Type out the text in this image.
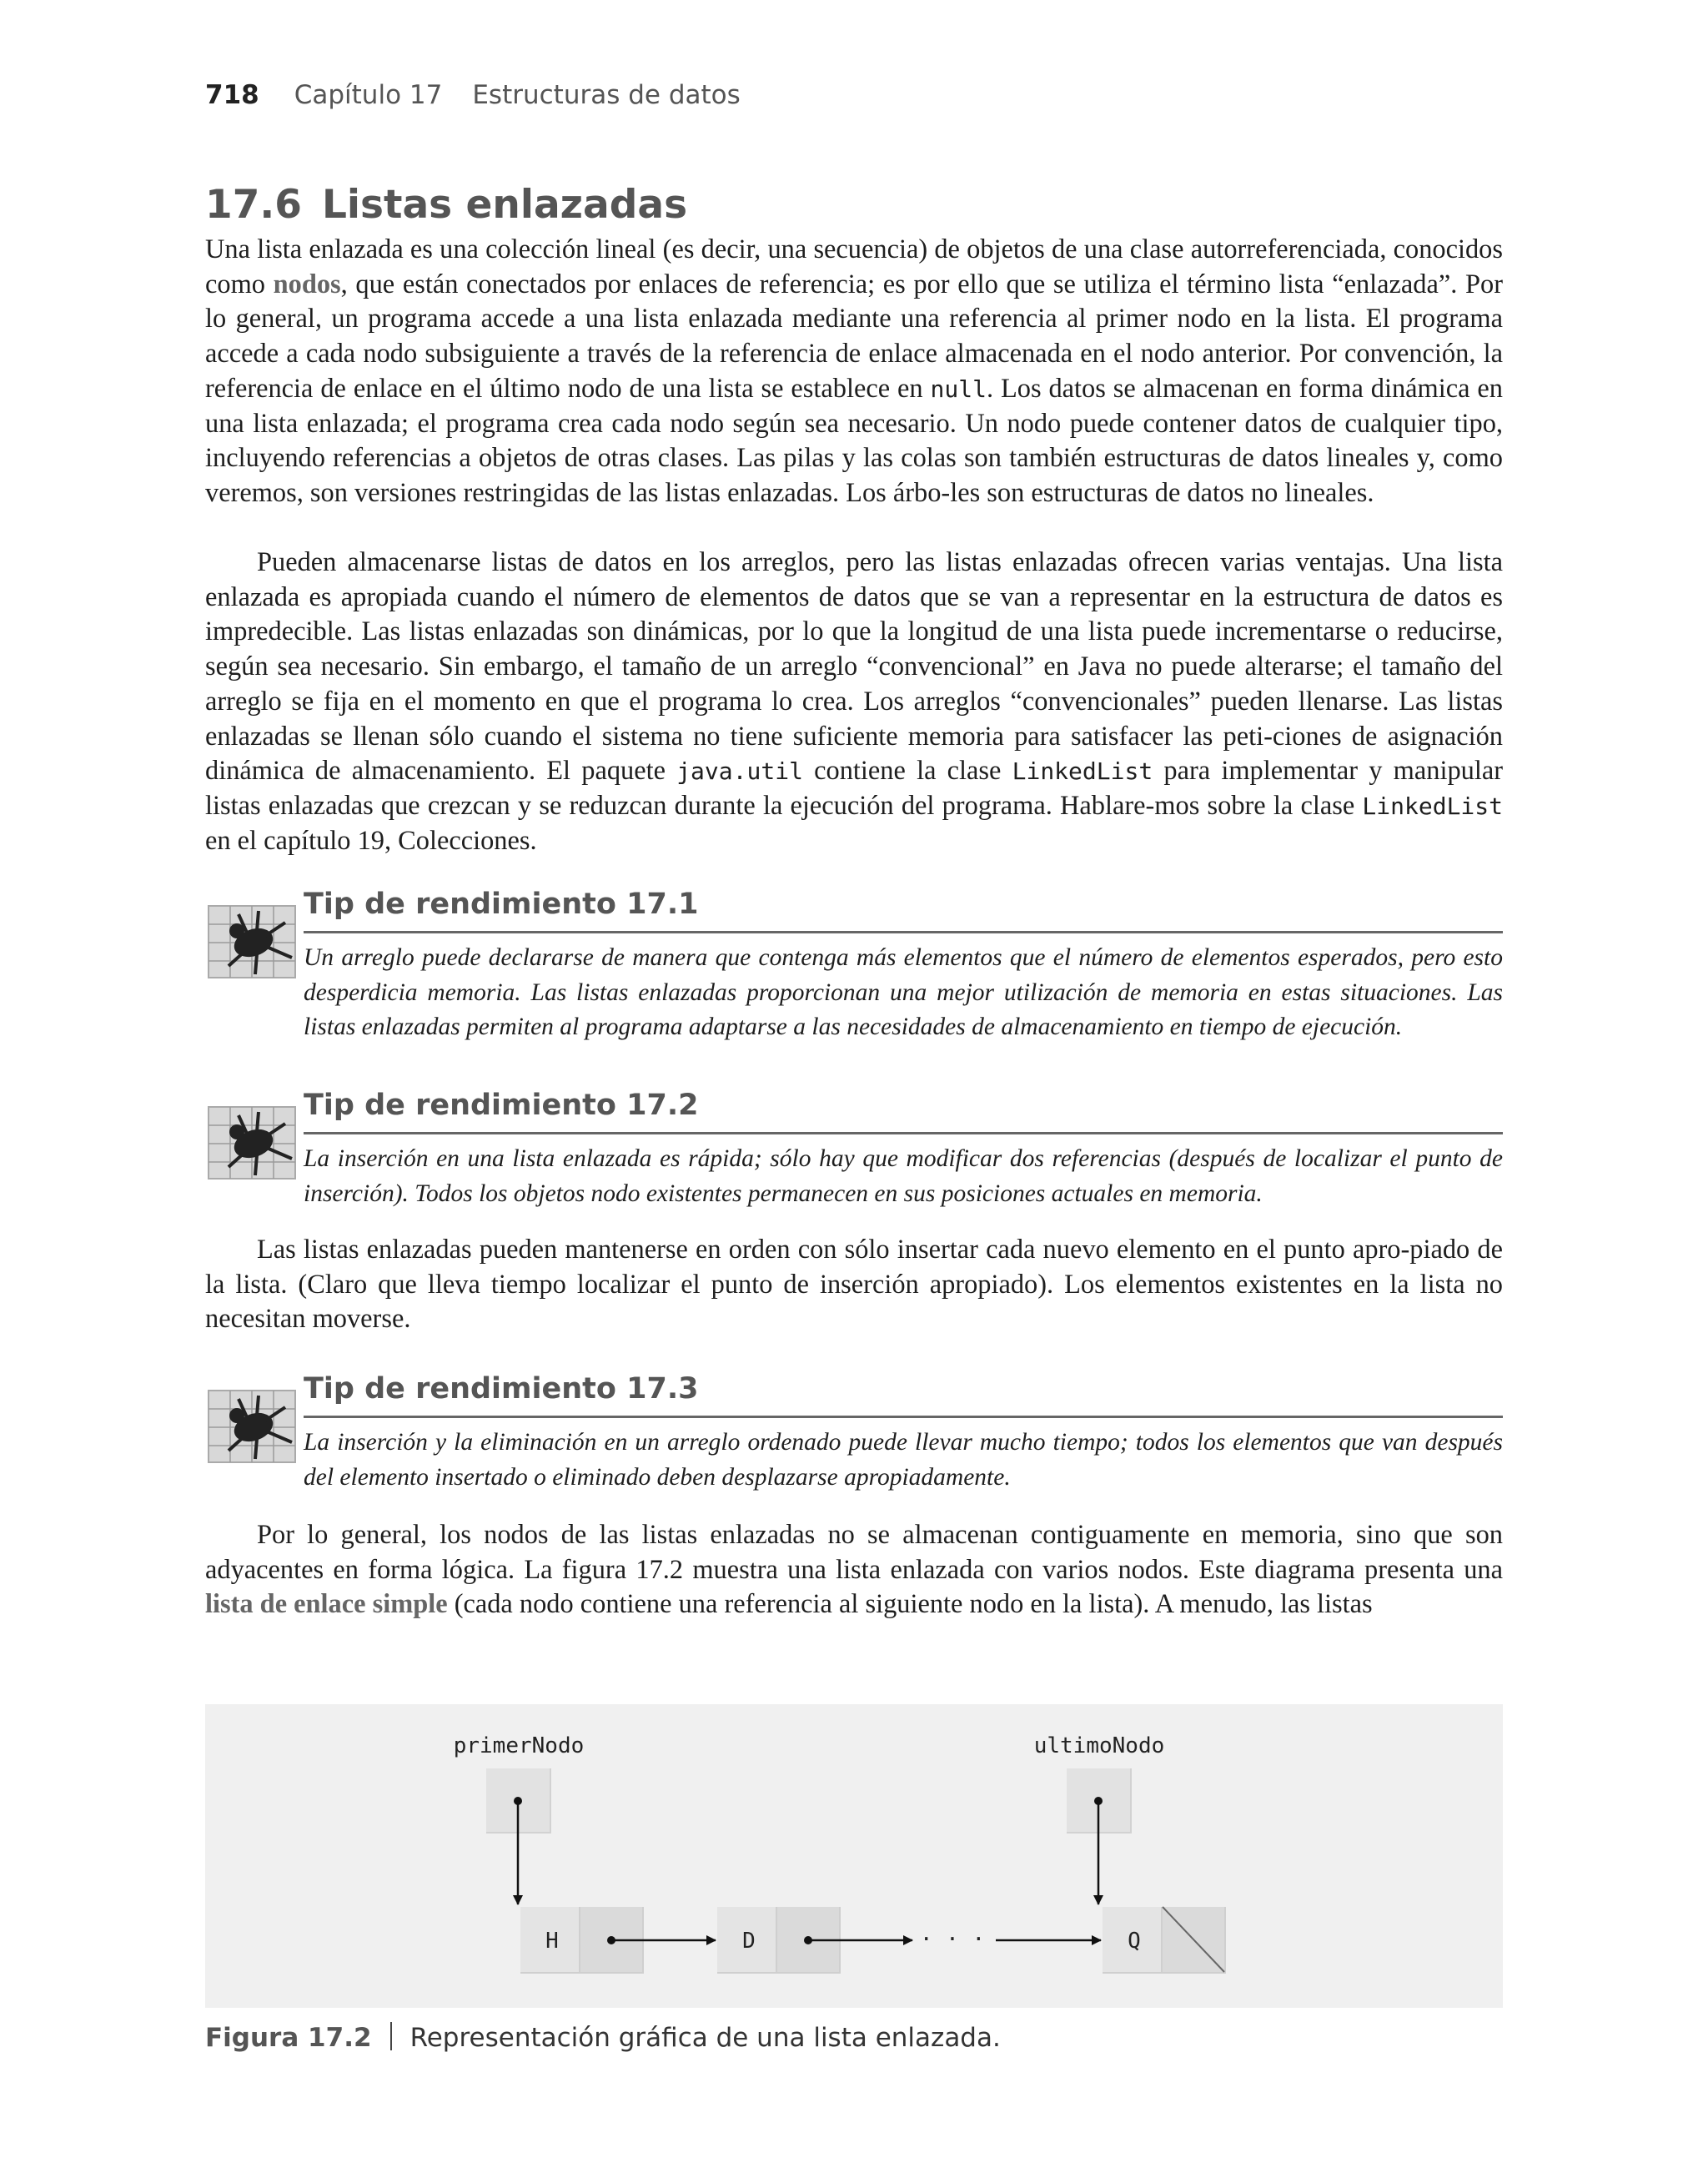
718 Capítulo 17 Estructuras de datos
17.6 Listas enlazadas

Una lista enlazada es una colección lineal (es decir, una secuencia) de objetos de una clase autorreferenciada, conocidos como nodos, que están conectados por enlaces de referencia; es por ello que se utiliza el término lista “enlazada”. Por lo general, un programa accede a una lista enlazada mediante una referencia al primer nodo en la lista. El programa accede a cada nodo subsiguiente a través de la referencia de enlace almacenada en el nodo anterior. Por convención, la referencia de enlace en el último nodo de una lista se establece en null. Los datos se almacenan en forma dinámica en una lista enlazada; el programa crea cada nodo según sea necesario. Un nodo puede contener datos de cualquier tipo, incluyendo referencias a objetos de otras clases. Las pilas y las colas son también estructuras de datos lineales y, como veremos, son versiones restringidas de las listas enlazadas. Los árbo-les son estructuras de datos no lineales.

Pueden almacenarse listas de datos en los arreglos, pero las listas enlazadas ofrecen varias ventajas. Una lista enlazada es apropiada cuando el número de elementos de datos que se van a representar en la estructura de datos es impredecible. Las listas enlazadas son dinámicas, por lo que la longitud de una lista puede incrementarse o reducirse, según sea necesario. Sin embargo, el tamaño de un arreglo “convencional” en Java no puede alterarse; el tamaño del arreglo se fija en el momento en que el programa lo crea. Los arreglos “convencionales” pueden llenarse. Las listas enlazadas se llenan sólo cuando el sistema no tiene suficiente memoria para satisfacer las peti-ciones de asignación dinámica de almacenamiento. El paquete java.util contiene la clase LinkedList para implementar y manipular listas enlazadas que crezcan y se reduzcan durante la ejecución del programa. Hablare-mos sobre la clase LinkedList en el capítulo 19, Colecciones.

Tip de rendimiento 17.1
Un arreglo puede declararse de manera que contenga más elementos que el número de elementos esperados, pero esto desperdicia memoria. Las listas enlazadas proporcionan una mejor utilización de memoria en estas situaciones. Las listas enlazadas permiten al programa adaptarse a las necesidades de almacenamiento en tiempo de ejecución.
Tip de rendimiento 17.2
La inserción en una lista enlazada es rápida; sólo hay que modificar dos referencias (después de localizar el punto de inserción). Todos los objetos nodo existentes permanecen en sus posiciones actuales en memoria.

Las listas enlazadas pueden mantenerse en orden con sólo insertar cada nuevo elemento en el punto apro-piado de la lista. (Claro que lleva tiempo localizar el punto de inserción apropiado). Los elementos existentes en la lista no necesitan moverse.

Tip de rendimiento 17.3
La inserción y la eliminación en un arreglo ordenado puede llevar mucho tiempo; todos los elementos que van después del elemento insertado o eliminado deben desplazarse apropiadamente.

Por lo general, los nodos de las listas enlazadas no se almacenan contiguamente en memoria, sino que son adyacentes en forma lógica. La figura 17.2 muestra una lista enlazada con varios nodos. Este diagrama presenta una lista de enlace simple (cada nodo contiene una referencia al siguiente nodo en la lista). A menudo, las listas

primerNodo	ultimoNodo
H	D	· · ·	Q
Figura 17.2 Representación gráfica de una lista enlazada.
